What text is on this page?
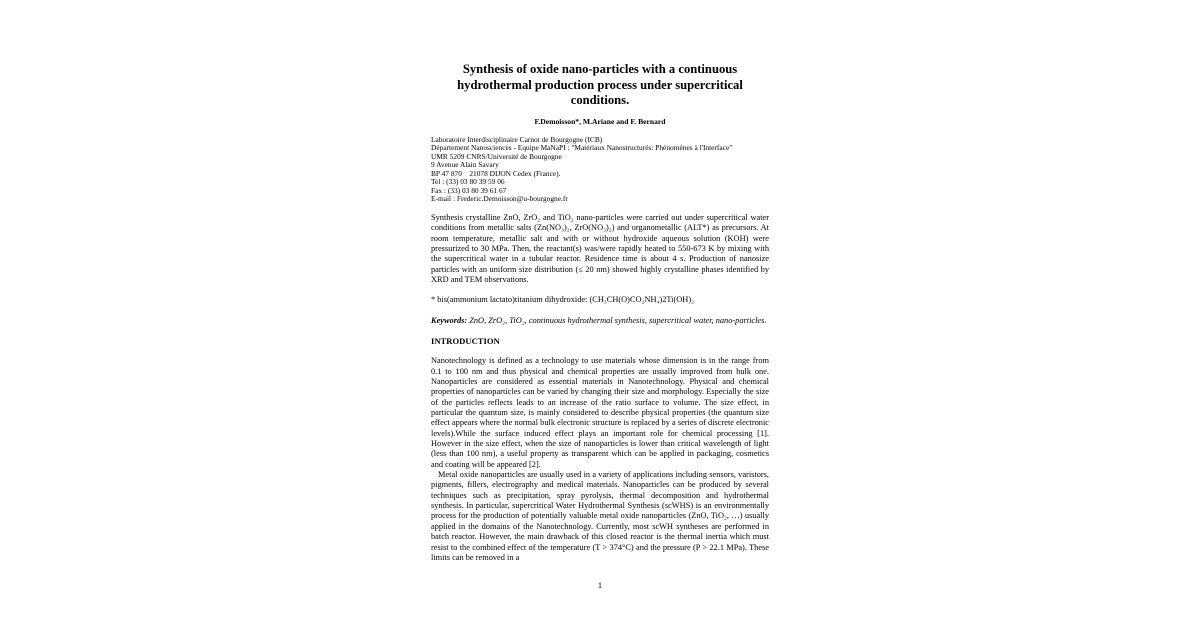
Synthesis of oxide nano-particles with a continuous hydrothermal production process under supercritical conditions.
F.Demoisson*, M.Ariane and F. Bernard
Laboratoire Interdisciplinaire Carnot de Bourgogne (ICB)
Département Nanosciences - Equipe MaNaPI : "Matériaux Nanostructurés: Phénomènes à l'Interface"
UMR 5209 CNRS/Université de Bourgogne
9 Avenue Alain Savary
BP 47 870    21078 DIJON Cedex (France).
Tel : (33) 03 80 39 59 06
Fax : (33) 03 80 39 61 67
E-mail : Frederic.Demoisson@u-bourgogne.fr

Synthesis crystalline ZnO, ZrO₂ and TiO₂ nano-particles were carried out under supercritical water conditions from metallic salts (Zn(NO₃)₂, ZrO(NO₃)₂) and organometallic (ALT*) as precursors. At room temperature, metallic salt and with or without hydroxide aqueous solution (KOH) were pressurized to 30 MPa. Then, the reactant(s) was/were rapidly heated to 550-673 K by mixing with the supercritical water in a tubular reactor. Residence time is about 4 s. Production of nanosize particles with an uniform size distribution (≤ 20 nm) showed highly crystalline phases identified by XRD and TEM observations.

* bis(ammonium lactato)titanium dihydroxide: (CH₃CH(O)CO₂NH₄)2Ti(OH)₂

Keywords: ZnO, ZrO₂, TiO₂, continuous hydrothermal synthesis, supercritical water, nano-particles.

INTRODUCTION

Nanotechnology is defined as a technology to use materials whose dimension is in the range from 0.1 to 100 nm and thus physical and chemical properties are usually improved from bulk one. Nanoparticles are considered as essential materials in Nanotechnology. Physical and chemical properties of nanoparticles can be varied by changing their size and morphology. Especially the size of the particles reflects leads to an increase of the ratio surface to volume. The size effect, in particular the quantum size, is mainly considered to describe physical properties (the quantum size effect appears where the normal bulk electronic structure is replaced by a series of discrete electronic levels).While the surface induced effect plays an important role for chemical processing [1]. However in the size effect, when the size of nanoparticles is lower than critical wavelength of light (less than 100 nm), a useful property as transparent which can be applied in packaging, cosmetics and coating will be appeared [2].

Metal oxide nanoparticles are usually used in a variety of applications including sensors, varistors, pigments, fillers, electrography and medical materials. Nanoparticles can be produced by several techniques such as precipitation, spray pyrolysis, thermal decomposition and hydrothermal synthesis. In particular, supercritical Water Hydrothermal Synthesis (scWHS) is an environmentally process for the production of potentially valuable metal oxide nanoparticles (ZnO, TiO₂, …) usually applied in the domains of the Nanotechnology. Currently, most scWH syntheses are performed in batch reactor. However, the main drawback of this closed reactor is the thermal inertia which must resist to the combined effect of the temperature (T > 374°C) and the pressure (P > 22.1 MPa). These limits can be removed in a

1
